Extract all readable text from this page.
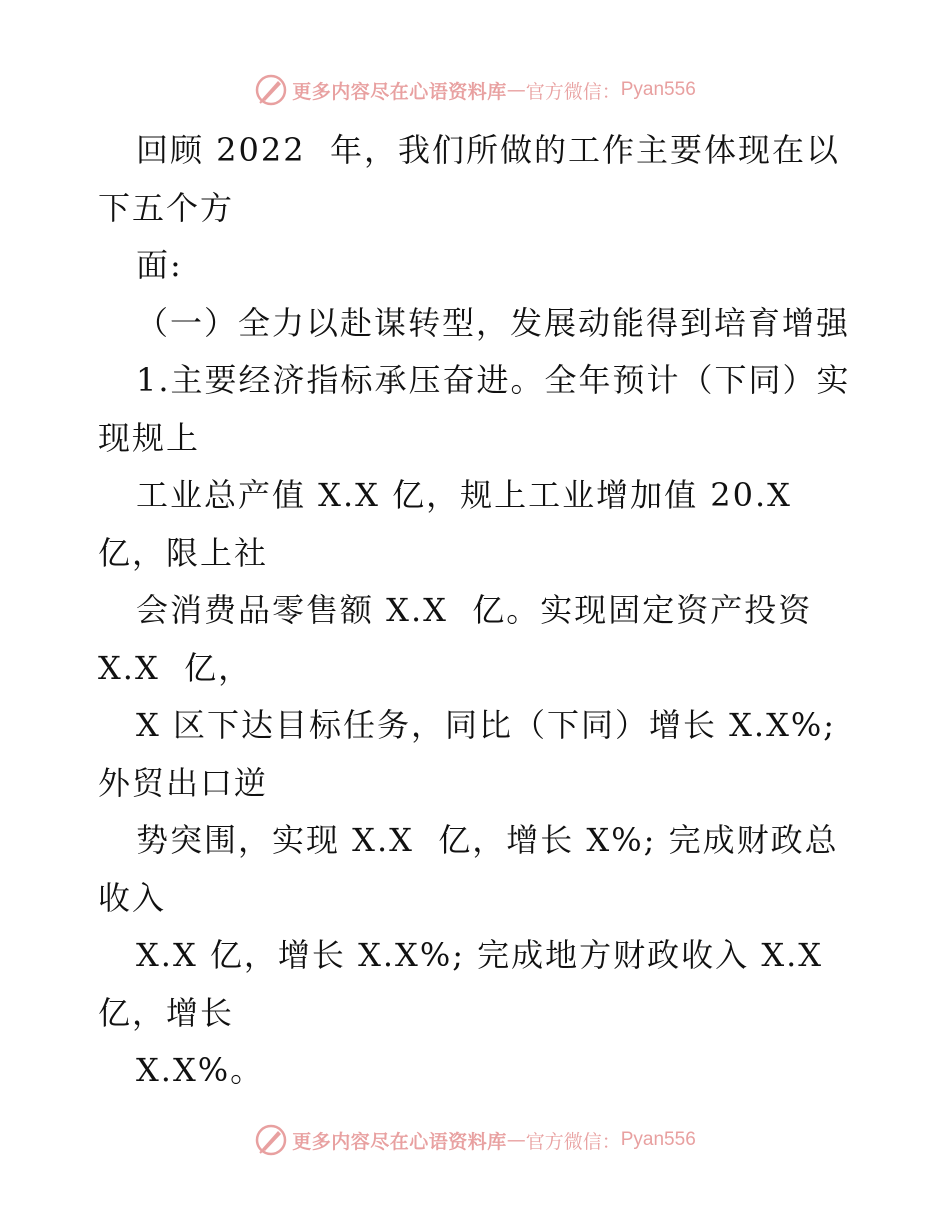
更多内容尽在心语资料库 — 官方微信： Pyan556
回顾 2022  年，我们所做的工作主要体现在以
下五个方
面:
（一）全力以赴谋转型，发展动能得到培育增强
1.主要经济指标承压奋进。全年预计（下同）实
现规上
工业总产值 X.X 亿，规上工业增加值 20.X
亿，限上社
会消费品零售额 X.X  亿。实现固定资产投资
X.X  亿，
X 区下达目标任务，同比（下同）增长 X.X%;
外贸出口逆
势突围，实现 X.X  亿，增长 X%; 完成财政总
收入
X.X 亿，增长 X.X%; 完成地方财政收入 X.X
亿，增长
X.X%。
更多内容尽在心语资料库 — 官方微信： Pyan556
